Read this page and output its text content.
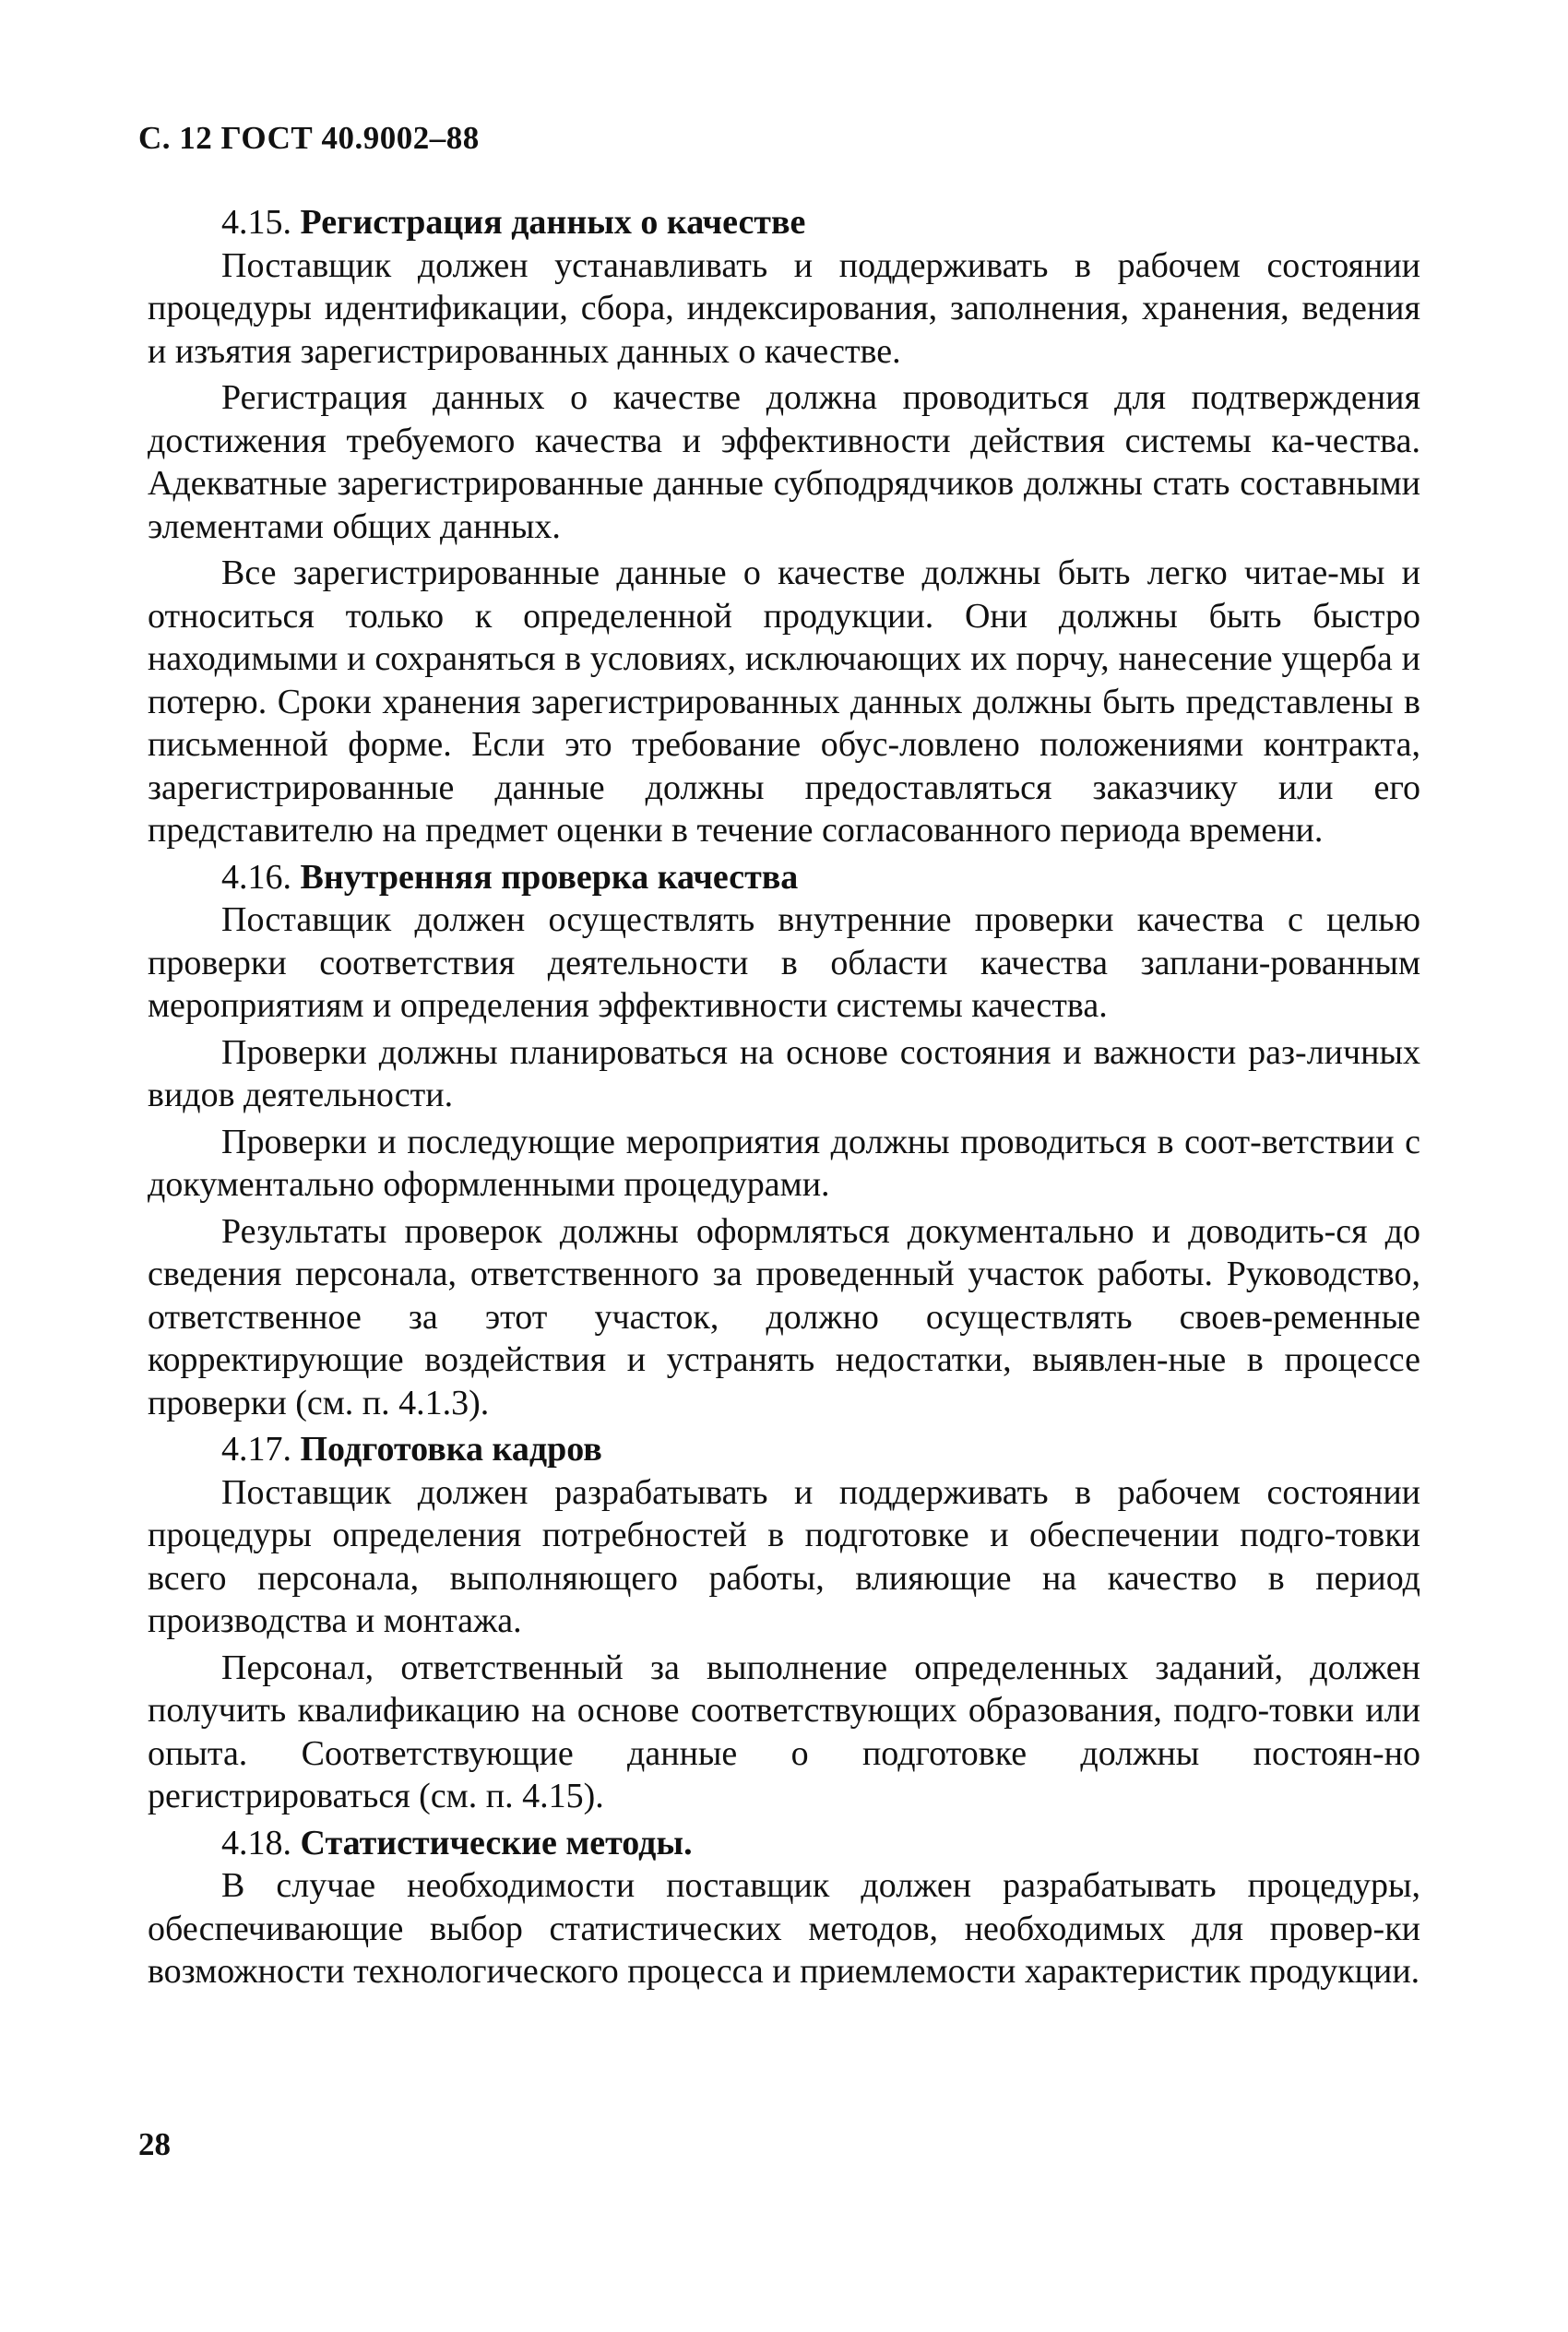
С. 12 ГОСТ 40.9002–88
4.15. Регистрация данных о качестве

Поставщик должен устанавливать и поддерживать в рабочем состоянии процедуры идентификации, сбора, индексирования, заполнения, хранения, ведения и изъятия зарегистрированных данных о качестве.

Регистрация данных о качестве должна проводиться для подтверждения достижения требуемого качества и эффективности действия системы ка-чества. Адекватные зарегистрированные данные субподрядчиков должны стать составными элементами общих данных.

Все зарегистрированные данные о качестве должны быть легко читае-мы и относиться только к определенной продукции. Они должны быть быстро находимыми и сохраняться в условиях, исключающих их порчу, нанесение ущерба и потерю. Сроки хранения зарегистрированных данных должны быть представлены в письменной форме. Если это требование обус-ловлено положениями контракта, зарегистрированные данные должны предоставляться заказчику или его представителю на предмет оценки в течение согласованного периода времени.

4.16. Внутренняя проверка качества

Поставщик должен осуществлять внутренние проверки качества с целью проверки соответствия деятельности в области качества заплани-рованным мероприятиям и определения эффективности системы качества.

Проверки должны планироваться на основе состояния и важности раз-личных видов деятельности.

Проверки и последующие мероприятия должны проводиться в соот-ветствии с документально оформленными процедурами.

Результаты проверок должны оформляться документально и доводить-ся до сведения персонала, ответственного за проведенный участок работы. Руководство, ответственное за этот участок, должно осуществлять своев-ременные корректирующие воздействия и устранять недостатки, выявлен-ные в процессе проверки (см. п. 4.1.3).

4.17. Подготовка кадров

Поставщик должен разрабатывать и поддерживать в рабочем состоянии процедуры определения потребностей в подготовке и обеспечении подго-товки всего персонала, выполняющего работы, влияющие на качество в период производства и монтажа.

Персонал, ответственный за выполнение определенных заданий, должен получить квалификацию на основе соответствующих образования, подго-товки или опыта. Соответствующие данные о подготовке должны постоян-но регистрироваться (см. п. 4.15).

4.18. Статистические методы.

В случае необходимости поставщик должен разрабатывать процедуры, обеспечивающие выбор статистических методов, необходимых для провер-ки возможности технологического процесса и приемлемости характеристик продукции.

28
